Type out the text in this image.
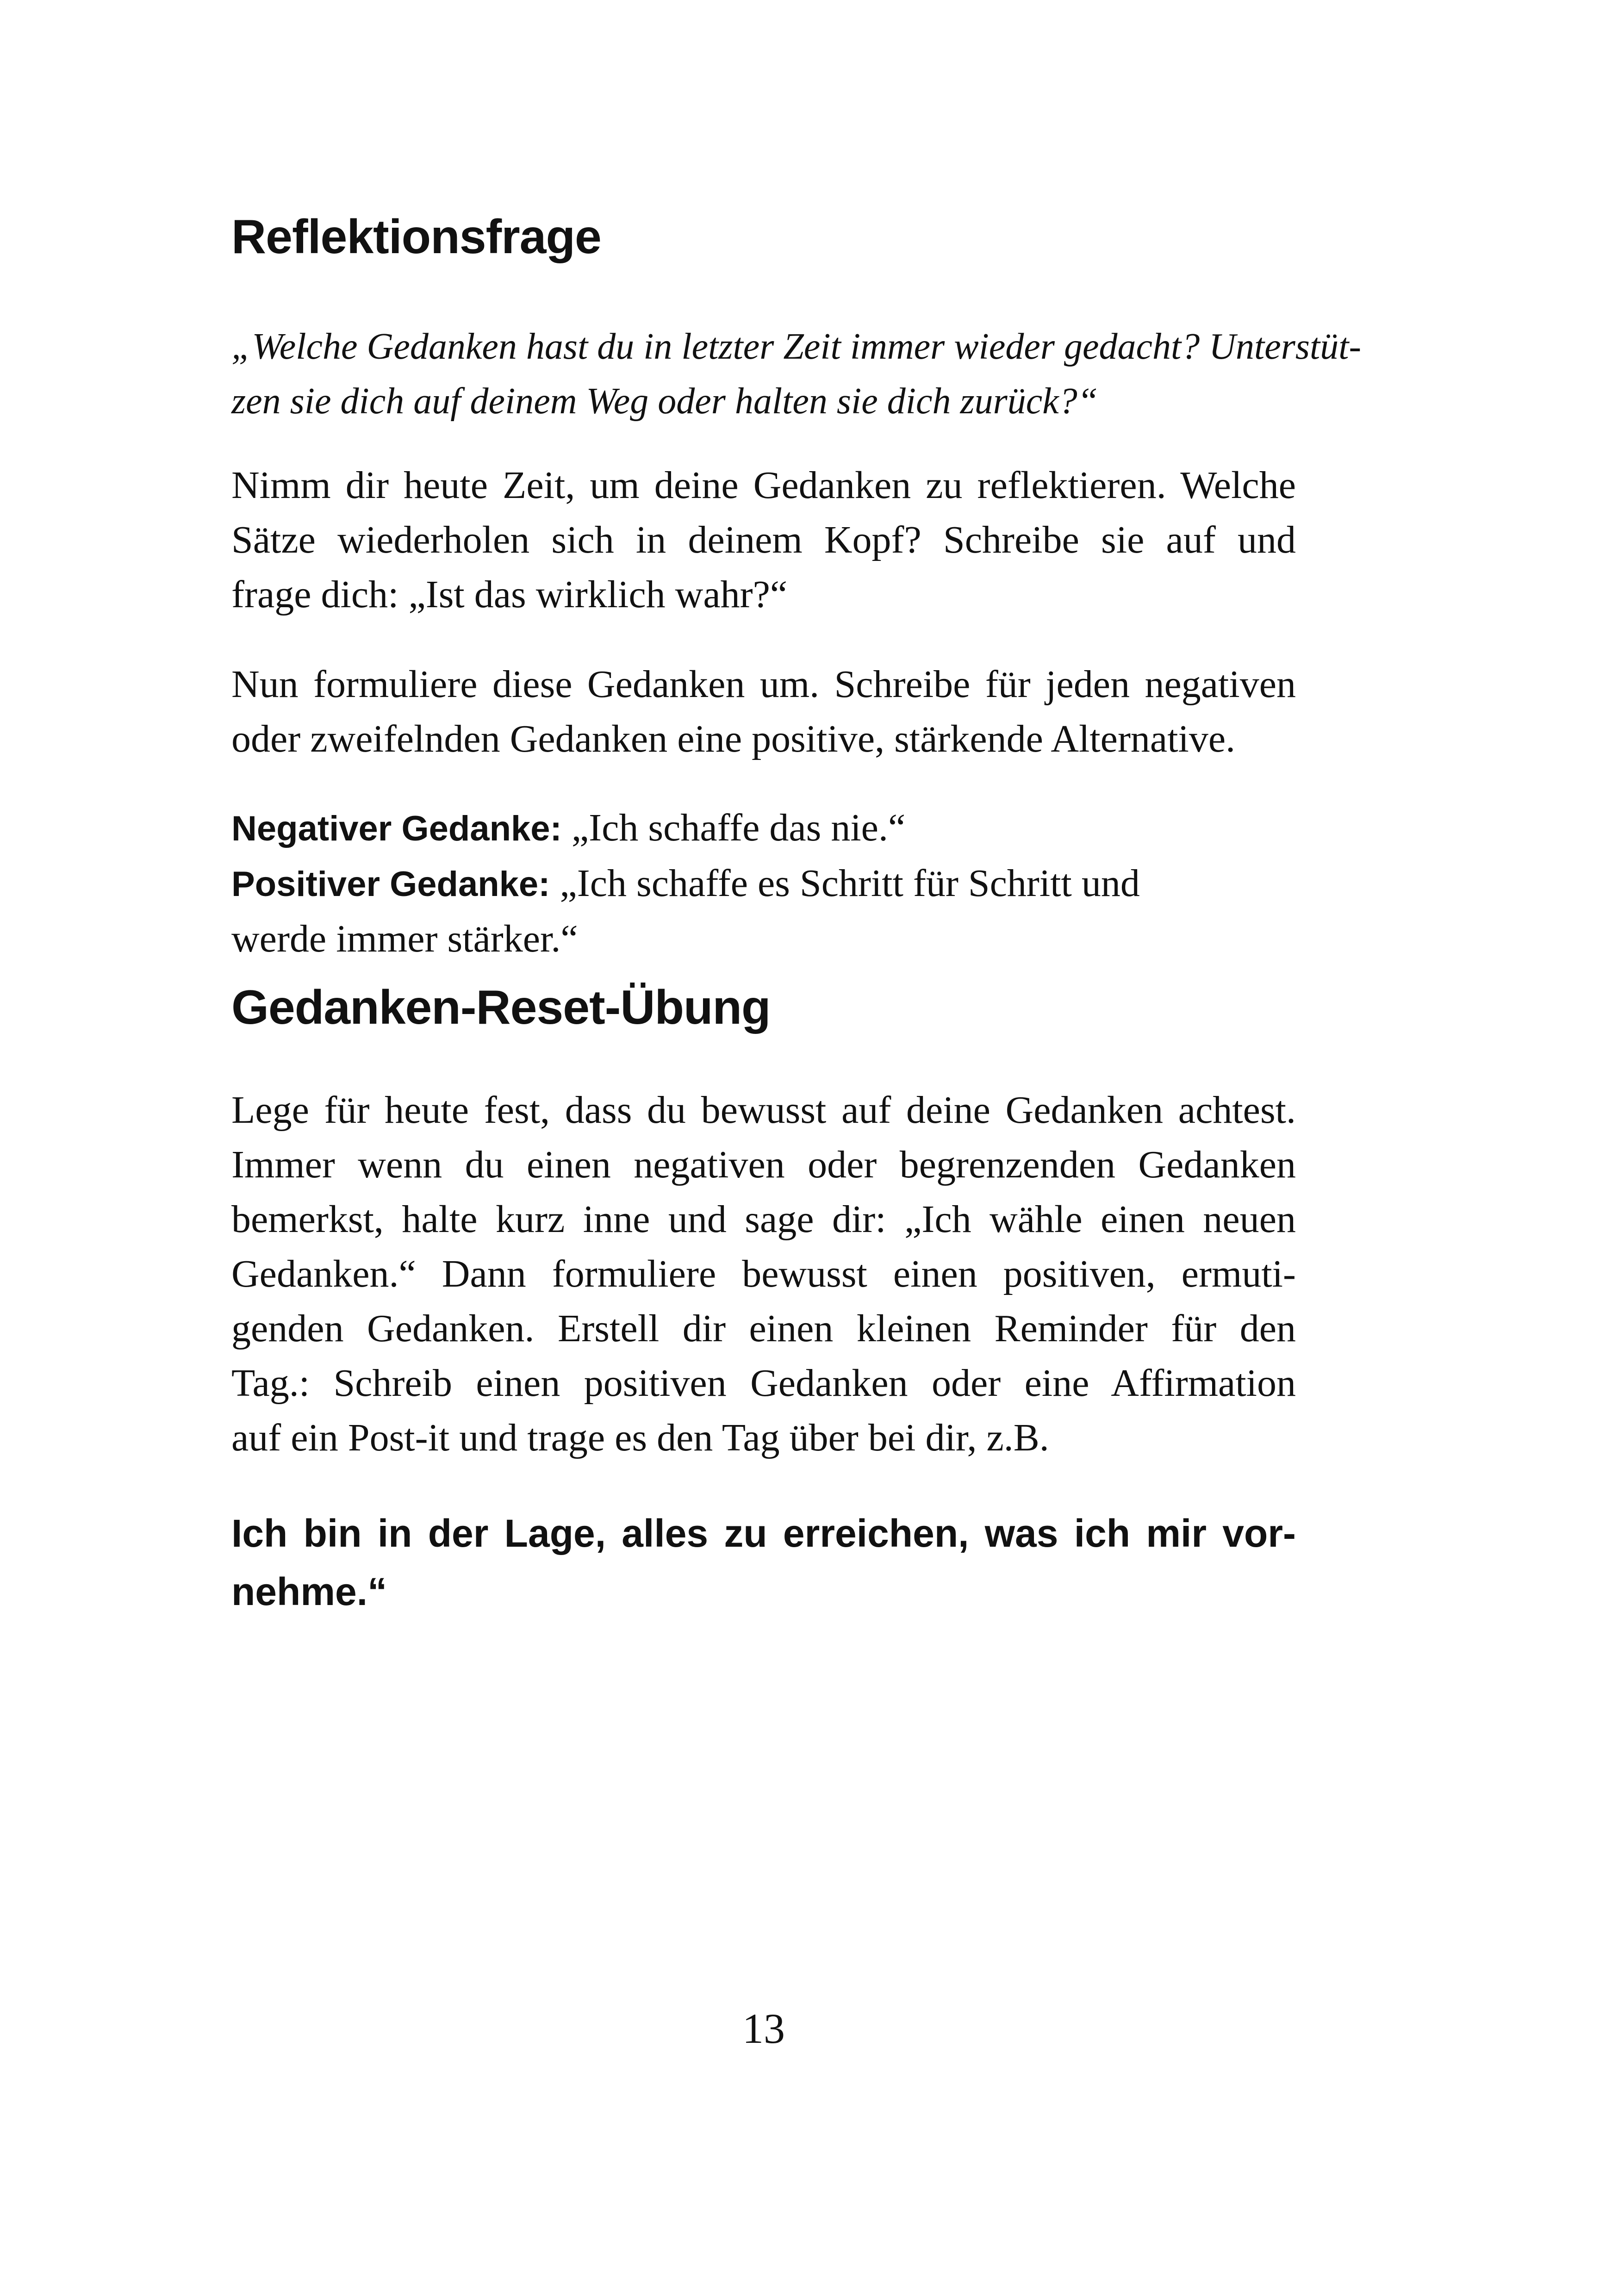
Reflektionsfrage
„Welche Gedanken hast du in letzter Zeit immer wieder gedacht? Unterstüt-
zen sie dich auf deinem Weg oder halten sie dich zurück?“
Nimm dir heute Zeit, um deine Gedanken zu reflektieren. Welche
Sätze wiederholen sich in deinem Kopf? Schreibe sie auf und
frage dich: „Ist das wirklich wahr?“
Nun formuliere diese Gedanken um. Schreibe für jeden negativen
oder zweifelnden Gedanken eine positive, stärkende Alternative.
Negativer Gedanke: „Ich schaffe das nie.“
Positiver Gedanke: „Ich schaffe es Schritt für Schritt und
werde immer stärker.“
Gedanken-Reset-Übung
Lege für heute fest, dass du bewusst auf deine Gedanken achtest.
Immer wenn du einen negativen oder begrenzenden Gedanken
bemerkst, halte kurz inne und sage dir: „Ich wähle einen neuen
Gedanken.“ Dann formuliere bewusst einen positiven, ermuti-
genden Gedanken. Erstell dir einen kleinen Reminder für den
Tag.: Schreib einen positiven Gedanken oder eine Affirmation
auf ein Post-it und trage es den Tag über bei dir, z.B.
Ich bin in der Lage, alles zu erreichen, was ich mir vor-
nehme.“

13
